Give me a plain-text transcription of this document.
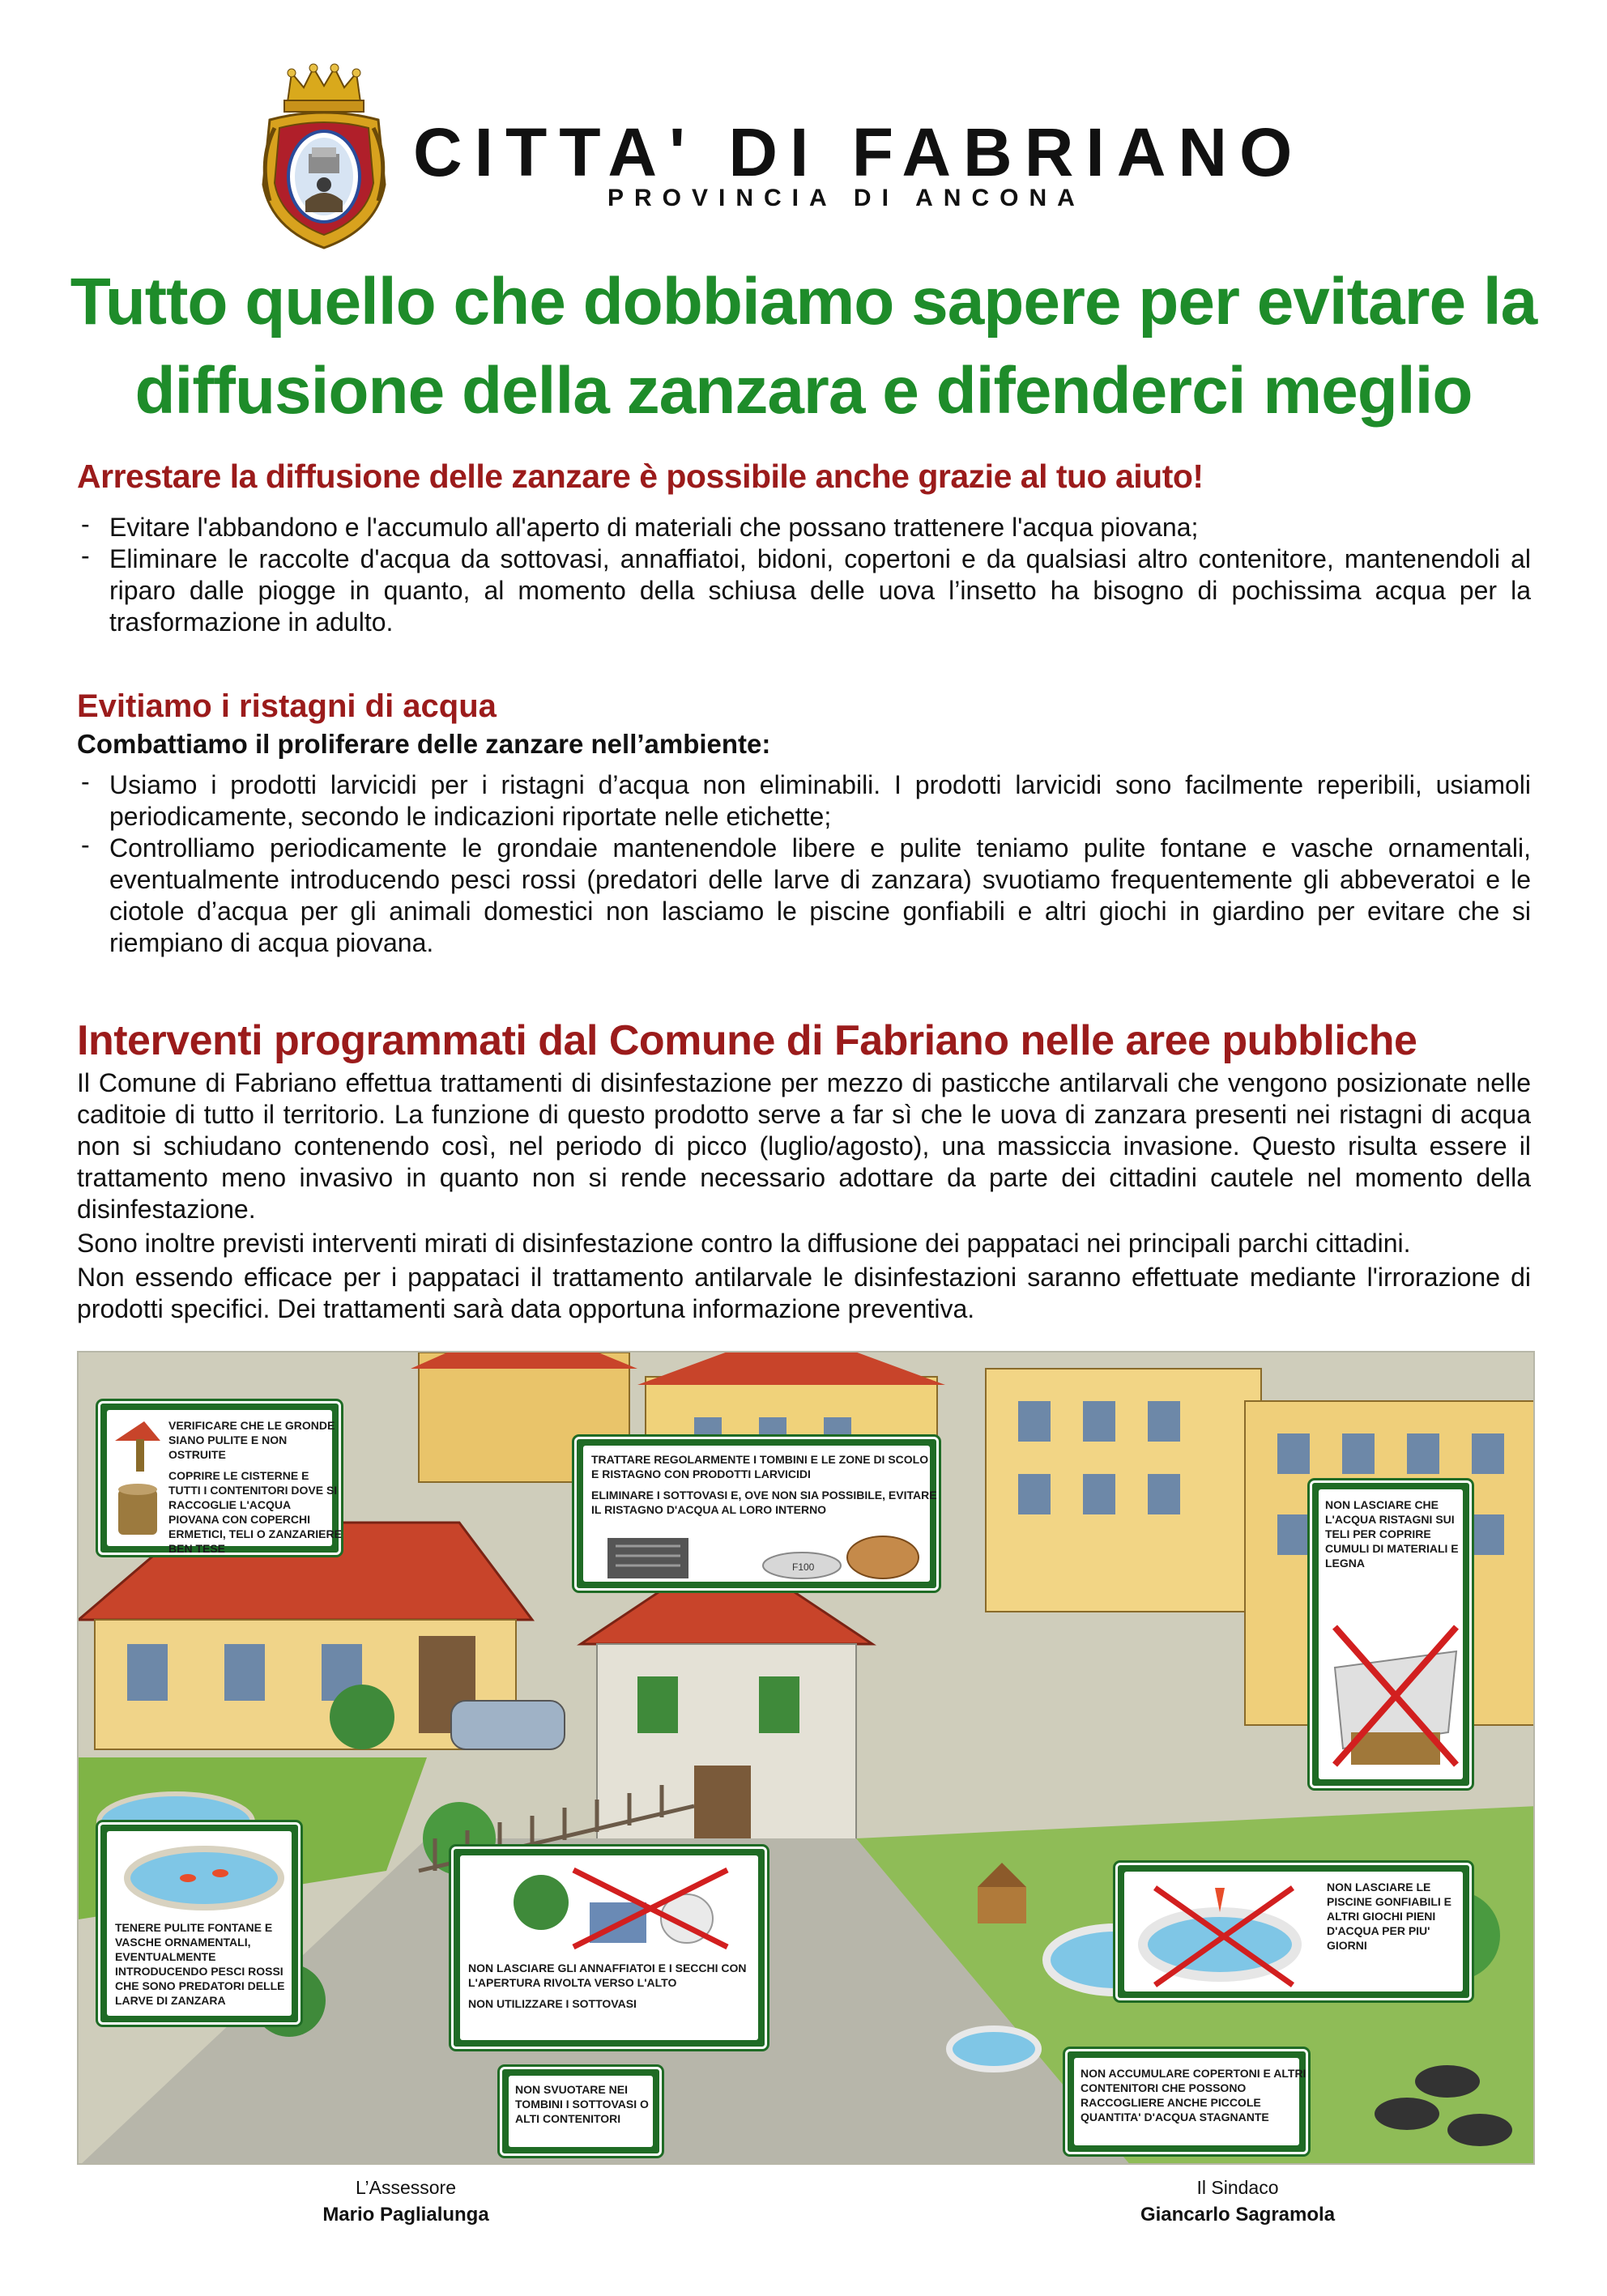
CITTA' DI FABRIANO
PROVINCIA DI ANCONA
Tutto quello che dobbiamo sapere per evitare la
diffusione della zanzara e difenderci meglio
Arrestare la diffusione delle zanzare è possibile anche grazie al tuo aiuto!
- Evitare l'abbandono e l'accumulo all'aperto di materiali che possano trattenere l'acqua piovana;
- Eliminare le raccolte d'acqua da sottovasi, annaffiatoi, bidoni, copertoni e da qualsiasi altro contenitore, mantenendoli al riparo dalle piogge in quanto, al momento della schiusa delle uova l’insetto ha bisogno di pochissima acqua per la trasformazione in adulto.
Evitiamo i ristagni di acqua
Combattiamo il proliferare delle zanzare nell’ambiente:
- Usiamo i prodotti larvicidi per i ristagni d’acqua non eliminabili. I prodotti larvicidi sono facilmente reperibili, usiamoli periodicamente, secondo le indicazioni riportate nelle etichette;
- Controlliamo periodicamente le grondaie mantenendole libere e pulite teniamo pulite fontane e vasche ornamentali, eventualmente introducendo pesci rossi (predatori delle larve di zanzara) svuotiamo frequentemente gli abbeveratoi e le ciotole d’acqua per gli animali domestici non lasciamo le piscine gonfiabili e altri giochi in giardino per evitare che si riempiano di acqua piovana.
Interventi programmati dal Comune di Fabriano nelle aree pubbliche

Il Comune di Fabriano effettua trattamenti di disinfestazione per mezzo di pasticche antilarvali che vengono posizionate nelle caditoie di tutto il territorio. La funzione di questo prodotto serve a far sì che le uova di zanzara presenti nei ristagni di acqua non si schiudano contenendo così, nel periodo di picco (luglio/agosto), una massiccia invasione. Questo risulta essere il trattamento meno invasivo in quanto non si rende necessario adottare da parte dei cittadini cautele nel momento della disinfestazione.

Sono inoltre previsti interventi mirati di disinfestazione contro la diffusione dei pappataci nei principali parchi cittadini.

Non essendo efficace per i pappataci il trattamento antilarvale le disinfestazioni saranno effettuate mediante l'irrorazione di prodotti specifici. Dei trattamenti sarà data opportuna informazione preventiva.

VERIFICARE CHE LE GRONDE SIANO PULITE E NON OSTRUITE

COPRIRE LE CISTERNE E TUTTI I CONTENITORI DOVE SI RACCOGLIE L'ACQUA PIOVANA CON COPERCHI ERMETICI, TELI O ZANZARIERE BEN TESE

TRATTARE REGOLARMENTE I TOMBINI E LE ZONE DI SCOLO E RISTAGNO CON PRODOTTI LARVICIDI

ELIMINARE I SOTTOVASI E, OVE NON SIA POSSIBILE, EVITARE IL RISTAGNO D'ACQUA AL LORO INTERNO

F100

NON LASCIARE CHE L'ACQUA RISTAGNI SUI TELI PER COPRIRE CUMULI DI MATERIALI E LEGNA

TENERE PULITE FONTANE E VASCHE ORNAMENTALI, EVENTUALMENTE INTRODUCENDO PESCI ROSSI CHE SONO PREDATORI DELLE LARVE DI ZANZARA

NON LASCIARE GLI ANNAFFIATOI E I SECCHI CON L'APERTURA RIVOLTA VERSO L'ALTO

NON UTILIZZARE I SOTTOVASI

NON LASCIARE LE PISCINE GONFIABILI E ALTRI GIOCHI PIENI D'ACQUA PER PIU' GIORNI

NON SVUOTARE NEI TOMBINI I SOTTOVASI O ALTI CONTENITORI

NON ACCUMULARE COPERTONI E ALTRI CONTENITORI CHE POSSONO RACCOGLIERE ANCHE PICCOLE QUANTITA' D'ACQUA STAGNANTE

L’Assessore
Mario Paglialunga
Il Sindaco
Giancarlo Sagramola
